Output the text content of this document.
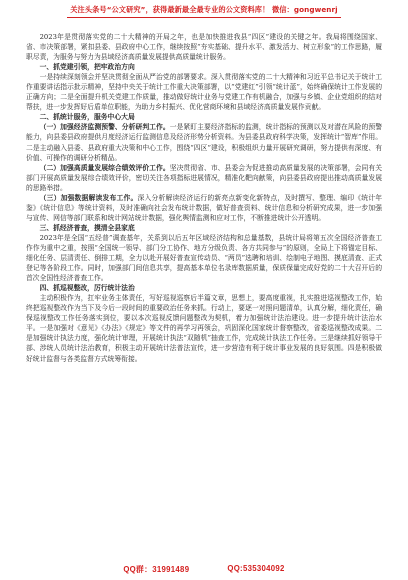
关注头条号“公文研究”，获得最新最全最专业的公文资料库！ 微信：gongwenrj

2023年是贯彻落实党的二十大精神的开局之年，也是加快推进我县“四区”建设的关键之年。我局将围绕国家、省、市决策部署，紧扣县委、县政府中心工作，继续按照“夯实基础、提升水平、激发活力、树立形象”的工作思路，履职尽责，为服务与努力为县域经济高质量发展提供高质量统计服务。

一、抓党建引领，把牢政治方向

一是持续深刻领会并坚决贯彻全面从严治党的部署要求。深入贯彻落实党的二十大精神和习近平总书记关于统计工作重要讲话指示批示精神，坚持中央关于统计工作重大决策部署，以“党建红”引领“统计蓝”，始终确保统计工作发展的正确方向；二是全面提升机关党建工作质量，推动做好统计业务与党建工作有机融合，加强与乡镇、企业党组织的结对帮扶，进一步发挥好后盾单位职能，为助力乡村振兴、优化营商环境和县域经济高质量发展作贡献。

二、抓统计服务，服务中心大局
（一）加强经济监测预警、分析研判工作。一是紧盯主要经济指标的监测，统计指标的预测以及对潜在风险的预警能力，向县委县政府提供月度经济运行监测信息及经济形势分析资料。为县委县政府科学决策，发挥统计“智库”作用。二是主动融入县委、县政府重大决策和中心工作，围绕“四区”建设，积极组织力量开展研究调研，努力提供有深度、有价值、可操作的调研分析精品。
（二）加强高质量发展综合绩效评价工作。坚决贯彻省、市、县委会为促进推动高质量发展的决策部署，会同有关部门开展高质量发展综合绩效评价，密切关注各项指标进展情况，精准化靶向献策，向县委县政府提出推动高质量发展的思路举措。
（三）加强数据解读发布工作。深入分析解读经济运行的新亮点新变化新特点，及时撰写、整理、编印《统计年鉴》《统计信息》等统计资料，及时准确向社会发布统计数据，做好普查资料、统计信息和分析研究成果，进一步加强与宣传、网信等部门联系和统计网站统计数据，强化舆情监测和应对工作，不断推进统计公开透明。
三、抓经济普查，摸清全县家底

2023年是全国“五经普”调查基年，关系到以后五年区域经济结构和总量基数，县统计局将第五次全国经济普查工作作为重中之重，按照“全国统一领导、部门分工协作、地方分级负责、各方共同参与”的原则，全局上下将锚定目标、细化任务、层清责任、倒排工期，全力以赴开展好普查宣传动员、“两员”选聘和培训、绘制电子地图、摸底清查、正式登记等各阶段工作。同时，加强部门间信息共享，提高基本单位名录库数据质量，保质保量完成好党的二十大召开后的首次全国性经济普查工作。

四、抓巡视整改，厉行统计法治

主动积极作为，扛牢业务主体责任，写好巡视巡察后半篇文章，思想上，要高度重视，扎实推进巡视整改工作，始终把巡视整改作为当下及今后一段时间的重要政治任务来抓。行动上，要逐一对照问题清单，认真分解，细化责任，确保巡视整改工作任务落实到位，要以本次巡视反馈问题整改为契机，着力加强统计法治建设。进一步提升统计法治水平。一是加强对《意见》《办法》《规定》等文件的再学习再领会，巩固深化国家统计督察整改，省委巡视整改成果。二是加强统计执法力度，强化统计审理，开展统计执法“双随机”抽查工作，完成统计执法工作任务。三是继续抓好领导干部、涉统人员统计法治教育，积极主动开展统计法普法宣传，进一步营造有利于统计事业发展的良好氛围。四是积极做好统计监督与各类监督方式统筹衔接。

QQ群：31991489	QQ:535304092
